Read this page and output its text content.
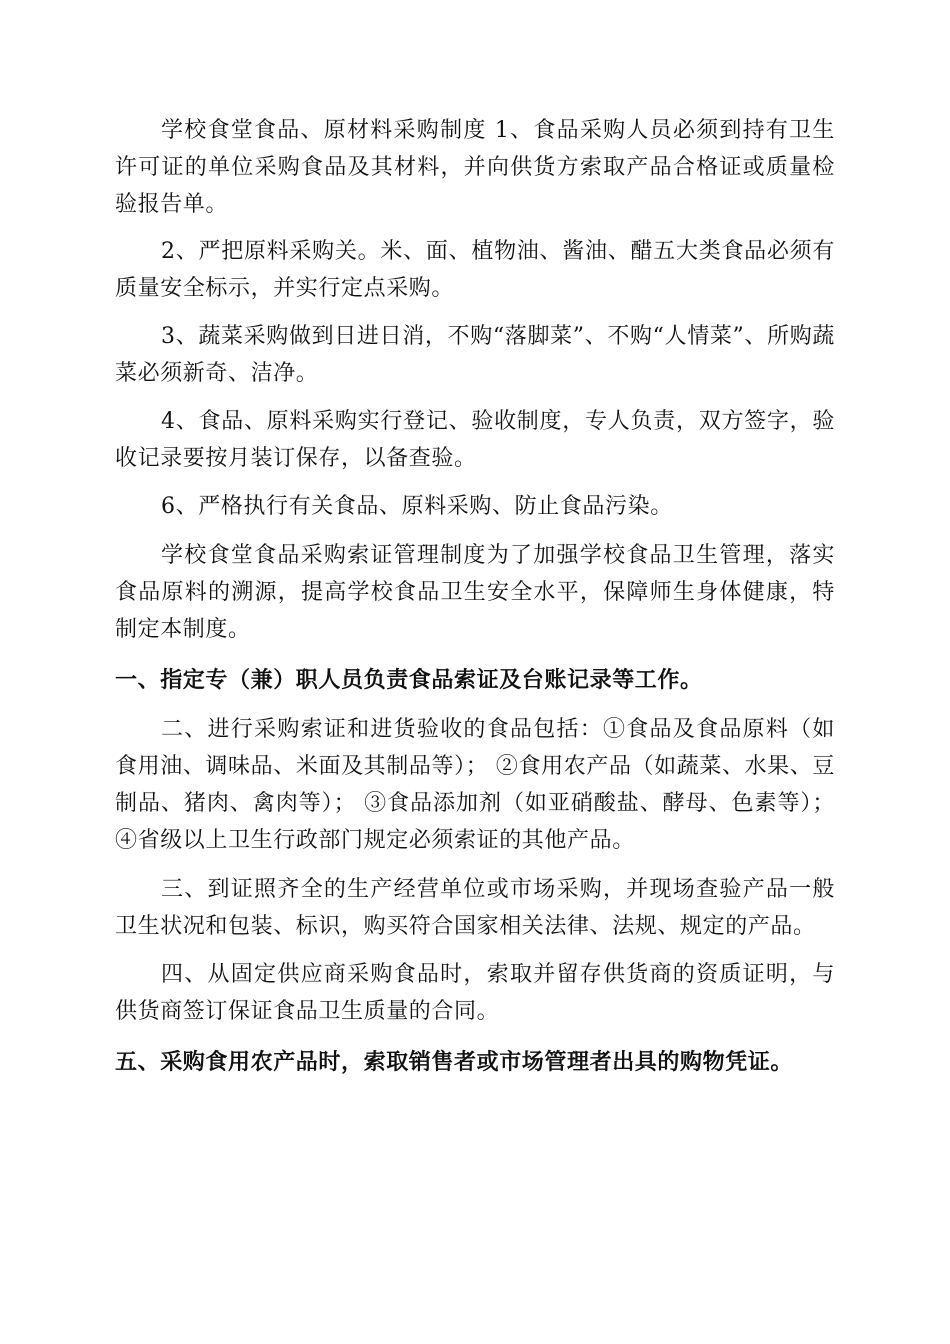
学校食堂食品、原材料采购制度 1、食品采购人员必须到持有卫生许可证的单位采购食品及其材料，并向供货方索取产品合格证或质量检验报告单。

2、严把原料采购关。米、面、植物油、酱油、醋五大类食品必须有质量安全标示，并实行定点采购。

3、蔬菜采购做到日进日消，不购“落脚菜”、不购“人情菜”、所购蔬菜必须新奇、洁净。

4、食品、原料采购实行登记、验收制度，专人负责，双方签字，验收记录要按月装订保存，以备查验。

6、严格执行有关食品、原料采购、防止食品污染。

学校食堂食品采购索证管理制度为了加强学校食品卫生管理，落实食品原料的溯源，提高学校食品卫生安全水平，保障师生身体健康，特制定本制度。

一、指定专（兼）职人员负责食品索证及台账记录等工作。

二、进行采购索证和进货验收的食品包括：①食品及食品原料（如食用油、调味品、米面及其制品等）； ②食用农产品（如蔬菜、水果、豆制品、猪肉、禽肉等）； ③食品添加剂（如亚硝酸盐、酵母、色素等）； ④省级以上卫生行政部门规定必须索证的其他产品。

三、到证照齐全的生产经营单位或市场采购，并现场查验产品一般卫生状况和包装、标识，购买符合国家相关法律、法规、规定的产品。

四、从固定供应商采购食品时，索取并留存供货商的资质证明，与供货商签订保证食品卫生质量的合同。

五、采购食用农产品时，索取销售者或市场管理者出具的购物凭证。
